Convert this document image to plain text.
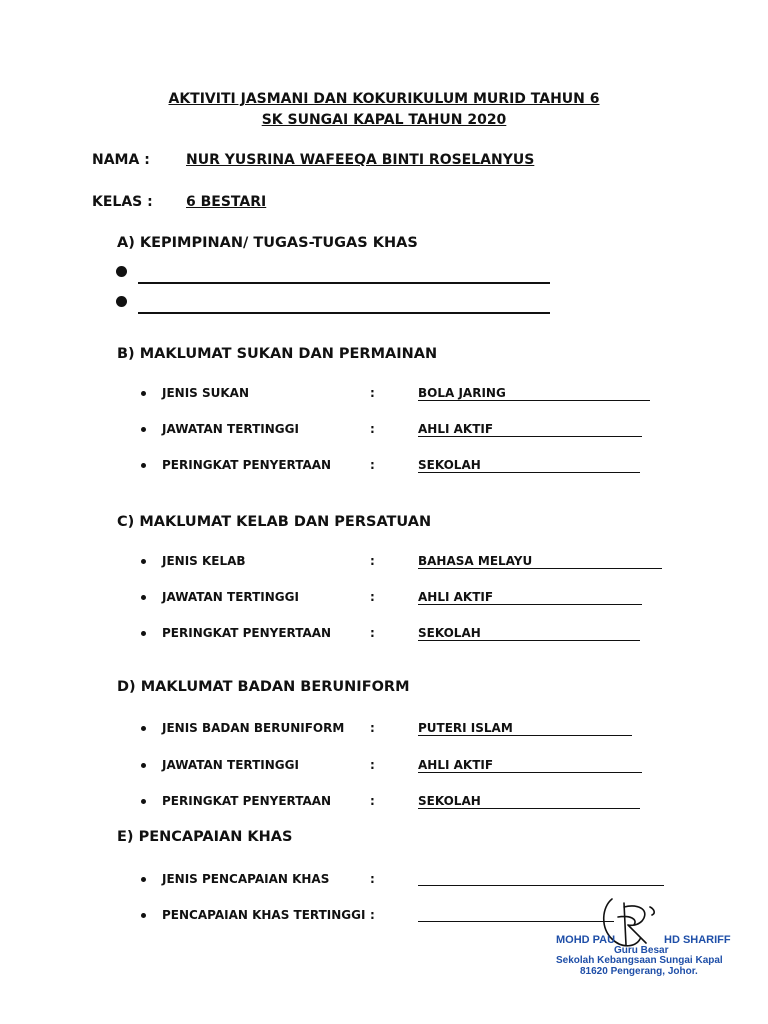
AKTIVITI JASMANI DAN KOKURIKULUM MURID TAHUN 6
SK SUNGAI KAPAL TAHUN 2020
NAMA :	NUR YUSRINA WAFEEQA BINTI ROSELANYUS
KELAS : 6 BESTARI
A) KEPIMPINAN/ TUGAS-TUGAS KHAS
B) MAKLUMAT SUKAN DAN PERMAINAN
JENIS SUKAN	:	BOLA JARING
JAWATAN TERTINGGI	:	AHLI AKTIF
PERINGKAT PENYERTAAN	:	SEKOLAH
C) MAKLUMAT KELAB DAN PERSATUAN
JENIS KELAB	:	BAHASA MELAYU
JAWATAN TERTINGGI	:	AHLI AKTIF
PERINGKAT PENYERTAAN	:	SEKOLAH
D) MAKLUMAT BADAN BERUNIFORM
JENIS BADAN BERUNIFORM :	PUTERI ISLAM
JAWATAN TERTINGGI	:	AHLI AKTIF
PERINGKAT PENYERTAAN	:	SEKOLAH
E) PENCAPAIAN KHAS
JENIS PENCAPAIAN KHAS	:
PENCAPAIAN KHAS TERTINGGI :
MOHD PAU	HD SHARIFF
Guru Besar
Sekolah Kebangsaan Sungai Kapal
81620 Pengerang, Johor.
